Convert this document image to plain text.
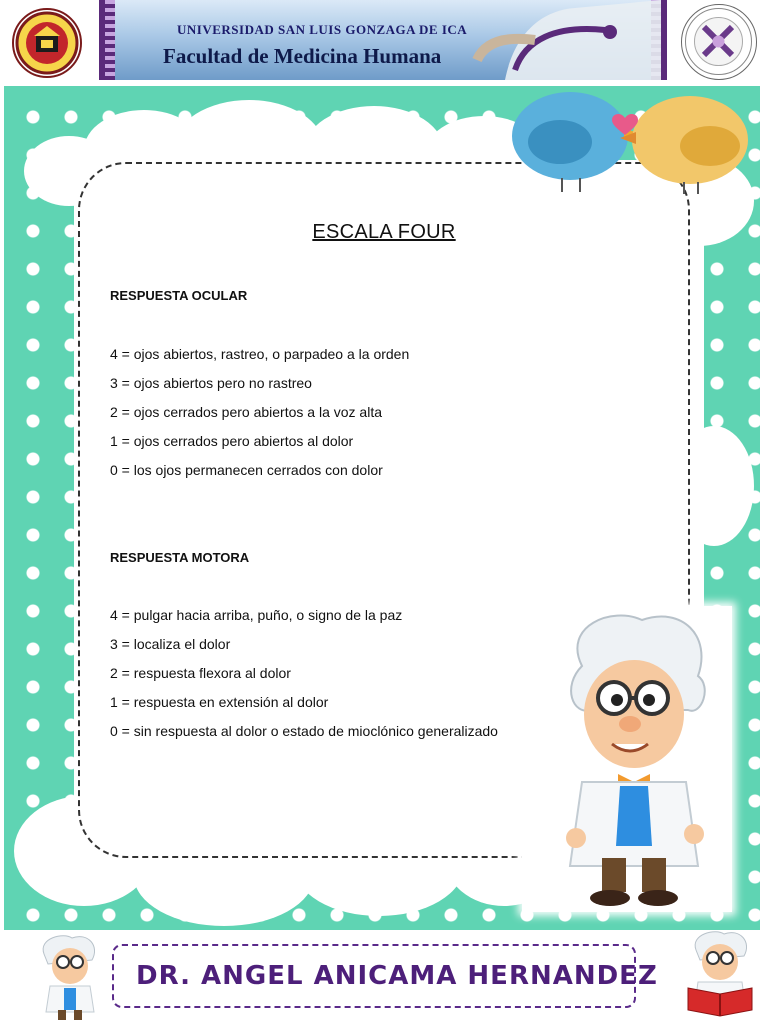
UNIVERSIDAD SAN LUIS GONZAGA DE ICA
Facultad de Medicina Humana
ESCALA FOUR
RESPUESTA OCULAR
4 = ojos abiertos, rastreo, o parpadeo a la orden
3 = ojos abiertos pero no rastreo
2 = ojos cerrados pero abiertos a la voz alta
1 = ojos cerrados pero abiertos al dolor
0 = los ojos permanecen cerrados con dolor
RESPUESTA MOTORA
4 = pulgar hacia arriba, puño, o signo de la paz
3 = localiza el dolor
2 = respuesta flexora al dolor
1 = respuesta en extensión al dolor
0 = sin respuesta al dolor o estado de mioclónico generalizado
DR. ANGEL ANICAMA HERNANDEZ
